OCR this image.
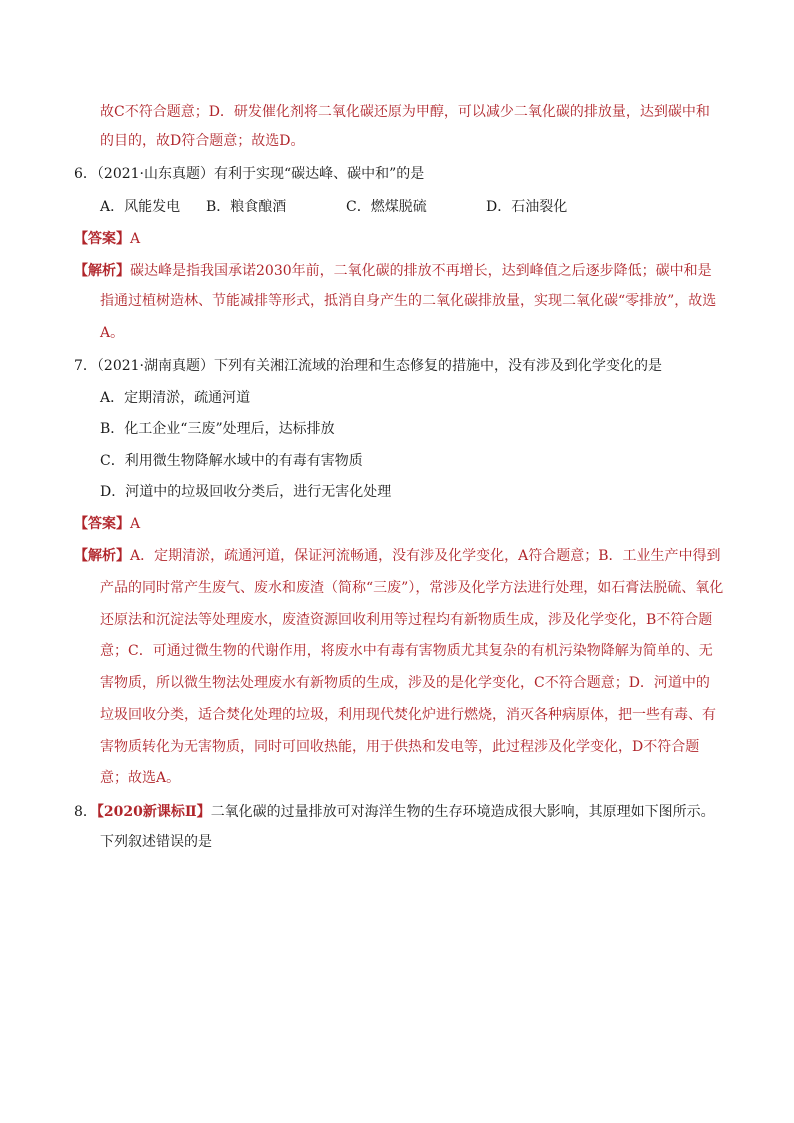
故C不符合题意；D．研发催化剂将二氧化碳还原为甲醇，可以减少二氧化碳的排放量，达到碳中和
的目的，故D符合题意；故选D。
6．（2021·山东真题）有利于实现“碳达峰、碳中和”的是
A．风能发电 B．粮食酿酒	C．燃煤脱硫	D．石油裂化
【答案】A
【解析】碳达峰是指我国承诺2030年前，二氧化碳的排放不再增长，达到峰值之后逐步降低；碳中和是
指通过植树造林、节能减排等形式，抵消自身产生的二氧化碳排放量，实现二氧化碳“零排放”，故选
A。
7．（2021·湖南真题）下列有关湘江流域的治理和生态修复的措施中，没有涉及到化学变化的是
A．定期清淤，疏通河道
B．化工企业“三废”处理后，达标排放
C．利用微生物降解水域中的有毒有害物质
D．河道中的垃圾回收分类后，进行无害化处理
【答案】A
【解析】A．定期清淤，疏通河道，保证河流畅通，没有涉及化学变化，A符合题意；B．工业生产中得到
产品的同时常产生废气、废水和废渣（简称“三废”），常涉及化学方法进行处理，如石膏法脱硫、氧化
还原法和沉淀法等处理废水，废渣资源回收利用等过程均有新物质生成，涉及化学变化，B不符合题
意；C．可通过微生物的代谢作用，将废水中有毒有害物质尤其复杂的有机污染物降解为简单的、无
害物质，所以微生物法处理废水有新物质的生成，涉及的是化学变化，C不符合题意；D．河道中的
垃圾回收分类，适合焚化处理的垃圾，利用现代焚化炉进行燃烧，消灭各种病原体，把一些有毒、有
害物质转化为无害物质，同时可回收热能，用于供热和发电等，此过程涉及化学变化，D不符合题
意；故选A。
8．【2020新课标Ⅱ】二氧化碳的过量排放可对海洋生物的生存环境造成很大影响，其原理如下图所示。
下列叙述错误的是
